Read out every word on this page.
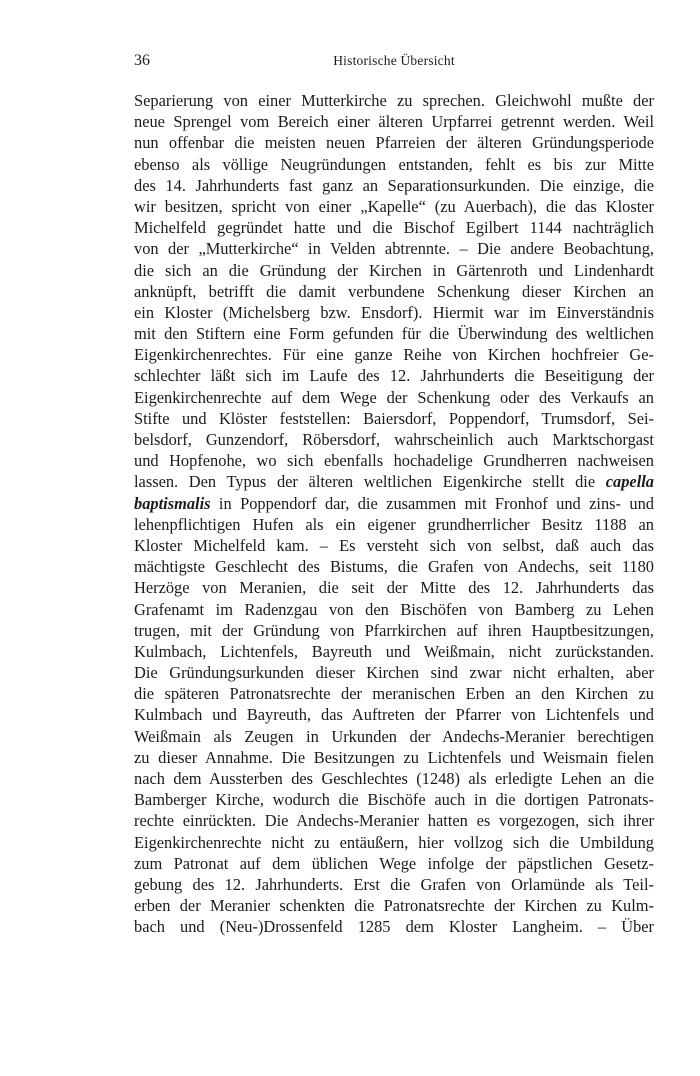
36	Historische Übersicht
Separierung von einer Mutterkirche zu sprechen. Gleichwohl mußte der
neue Sprengel vom Bereich einer älteren Urpfarrei getrennt werden. Weil
nun offenbar die meisten neuen Pfarreien der älteren Gründungsperiode
ebenso als völlige Neugründungen entstanden, fehlt es bis zur Mitte
des 14. Jahrhunderts fast ganz an Separationsurkunden. Die einzige, die
wir besitzen, spricht von einer „Kapelle“ (zu Auerbach), die das Kloster
Michelfeld gegründet hatte und die Bischof Egilbert 1144 nachträglich
von der „Mutterkirche“ in Velden abtrennte. – Die andere Beobachtung,
die sich an die Gründung der Kirchen in Gärtenroth und Lindenhardt
anknüpft, betrifft die damit verbundene Schenkung dieser Kirchen an
ein Kloster (Michelsberg bzw. Ensdorf). Hiermit war im Einverständnis
mit den Stiftern eine Form gefunden für die Überwindung des weltlichen
Eigenkirchenrechtes. Für eine ganze Reihe von Kirchen hochfreier Ge-
schlechter läßt sich im Laufe des 12. Jahrhunderts die Beseitigung der
Eigenkirchenrechte auf dem Wege der Schenkung oder des Verkaufs an
Stifte und Klöster feststellen: Baiersdorf, Poppendorf, Trumsdorf, Sei-
belsdorf, Gunzendorf, Röbersdorf, wahrscheinlich auch Marktschorgast
und Hopfenohe, wo sich ebenfalls hochadelige Grundherren nachweisen
lassen. Den Typus der älteren weltlichen Eigenkirche stellt die capella
baptismalis in Poppendorf dar, die zusammen mit Fronhof und zins- und
lehenpflichtigen Hufen als ein eigener grundherrlicher Besitz 1188 an
Kloster Michelfeld kam. – Es versteht sich von selbst, daß auch das
mächtigste Geschlecht des Bistums, die Grafen von Andechs, seit 1180
Herzöge von Meranien, die seit der Mitte des 12. Jahrhunderts das
Grafenamt im Radenzgau von den Bischöfen von Bamberg zu Lehen
trugen, mit der Gründung von Pfarrkirchen auf ihren Hauptbesitzungen,
Kulmbach, Lichtenfels, Bayreuth und Weißmain, nicht zurückstanden.
Die Gründungsurkunden dieser Kirchen sind zwar nicht erhalten, aber
die späteren Patronatsrechte der meranischen Erben an den Kirchen zu
Kulmbach und Bayreuth, das Auftreten der Pfarrer von Lichtenfels und
Weißmain als Zeugen in Urkunden der Andechs-Meranier berechtigen
zu dieser Annahme. Die Besitzungen zu Lichtenfels und Weismain fielen
nach dem Aussterben des Geschlechtes (1248) als erledigte Lehen an die
Bamberger Kirche, wodurch die Bischöfe auch in die dortigen Patronats-
rechte einrückten. Die Andechs-Meranier hatten es vorgezogen, sich ihrer
Eigenkirchenrechte nicht zu entäußern, hier vollzog sich die Umbildung
zum Patronat auf dem üblichen Wege infolge der päpstlichen Gesetz-
gebung des 12. Jahrhunderts. Erst die Grafen von Orlamünde als Teil-
erben der Meranier schenkten die Patronatsrechte der Kirchen zu Kulm-
bach und (Neu-)Drossenfeld 1285 dem Kloster Langheim. – Über
